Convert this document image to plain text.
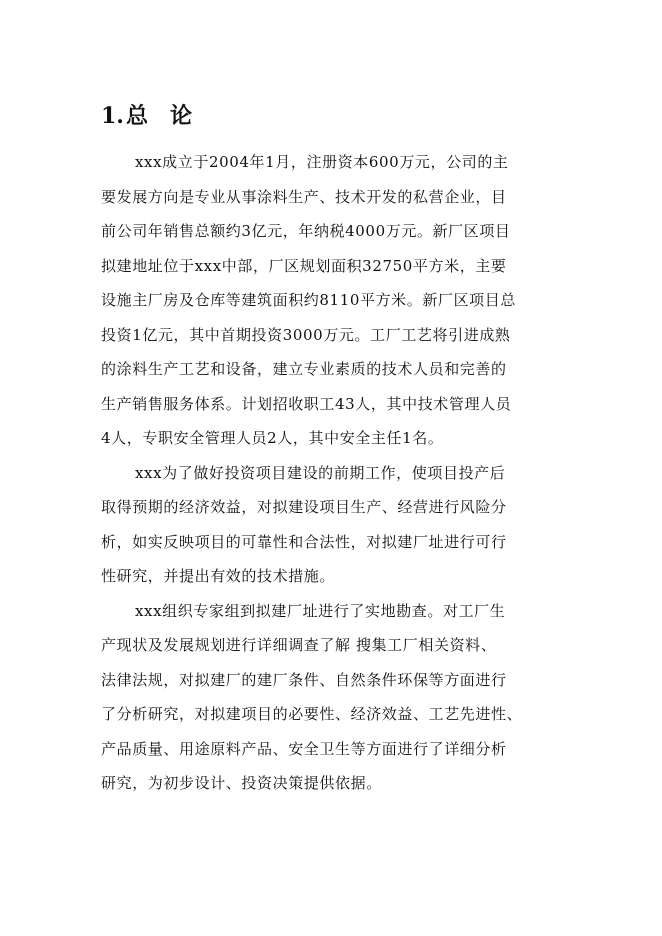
1.总 论
xxx成立于2004年1月，注册资本600万元，公司的主
要发展方向是专业从事涂料生产、技术开发的私营企业，目
前公司年销售总额约3亿元，年纳税4000万元。新厂区项目
拟建地址位于xxx中部，厂区规划面积32750平方米，主要
设施主厂房及仓库等建筑面积约8110平方米。新厂区项目总
投资1亿元，其中首期投资3000万元。工厂工艺将引进成熟
的涂料生产工艺和设备，建立专业素质的技术人员和完善的
生产销售服务体系。计划招收职工43人，其中技术管理人员
4人，专职安全管理人员2人，其中安全主任1名。
xxx为了做好投资项目建设的前期工作，使项目投产后
取得预期的经济效益，对拟建设项目生产、经营进行风险分
析，如实反映项目的可靠性和合法性，对拟建厂址进行可行
性研究，并提出有效的技术措施。
xxx组织专家组到拟建厂址进行了实地勘查。对工厂生
产现状及发展规划进行详细调查了解 搜集工厂相关资料、
法律法规，对拟建厂的建厂条件、自然条件环保等方面进行
了分析研究，对拟建项目的必要性、经济效益、工艺先进性、
产品质量、用途原料产品、安全卫生等方面进行了详细分析
研究，为初步设计、投资决策提供依据。
